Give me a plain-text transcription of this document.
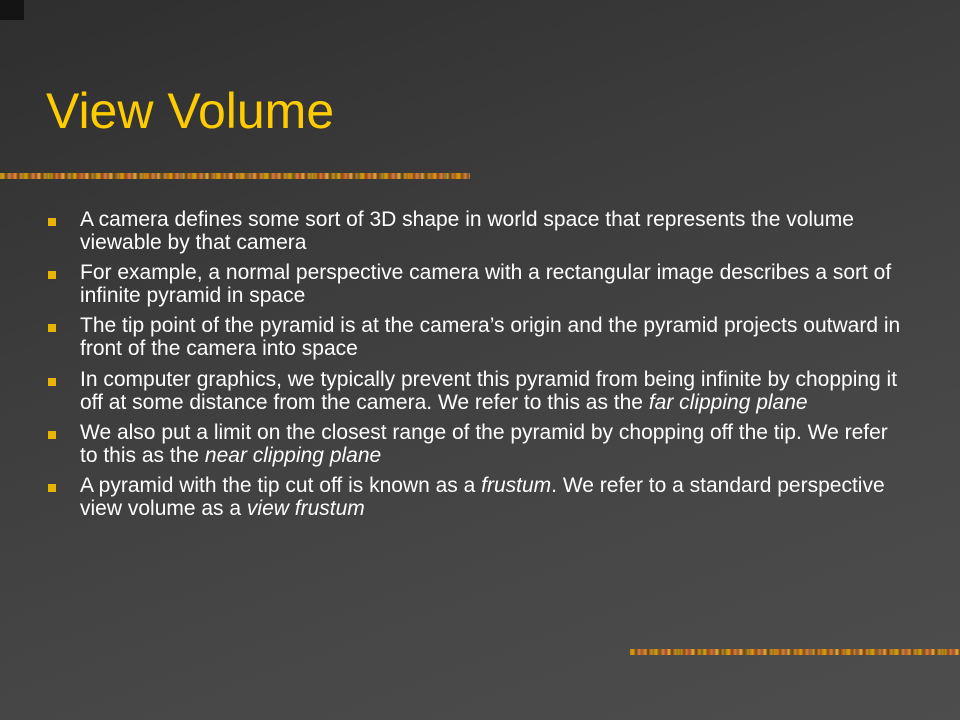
View Volume
A camera defines some sort of 3D shape in world space that represents the volume viewable by that camera
For example, a normal perspective camera with a rectangular image describes a sort of infinite pyramid in space
The tip point of the pyramid is at the camera’s origin and the pyramid projects outward in front of the camera into space
In computer graphics, we typically prevent this pyramid from being infinite by chopping it off at some distance from the camera. We refer to this as the far clipping plane
We also put a limit on the closest range of the pyramid by chopping off the tip. We refer to this as the near clipping plane
A pyramid with the tip cut off is known as a frustum. We refer to a standard perspective view volume as a view frustum
